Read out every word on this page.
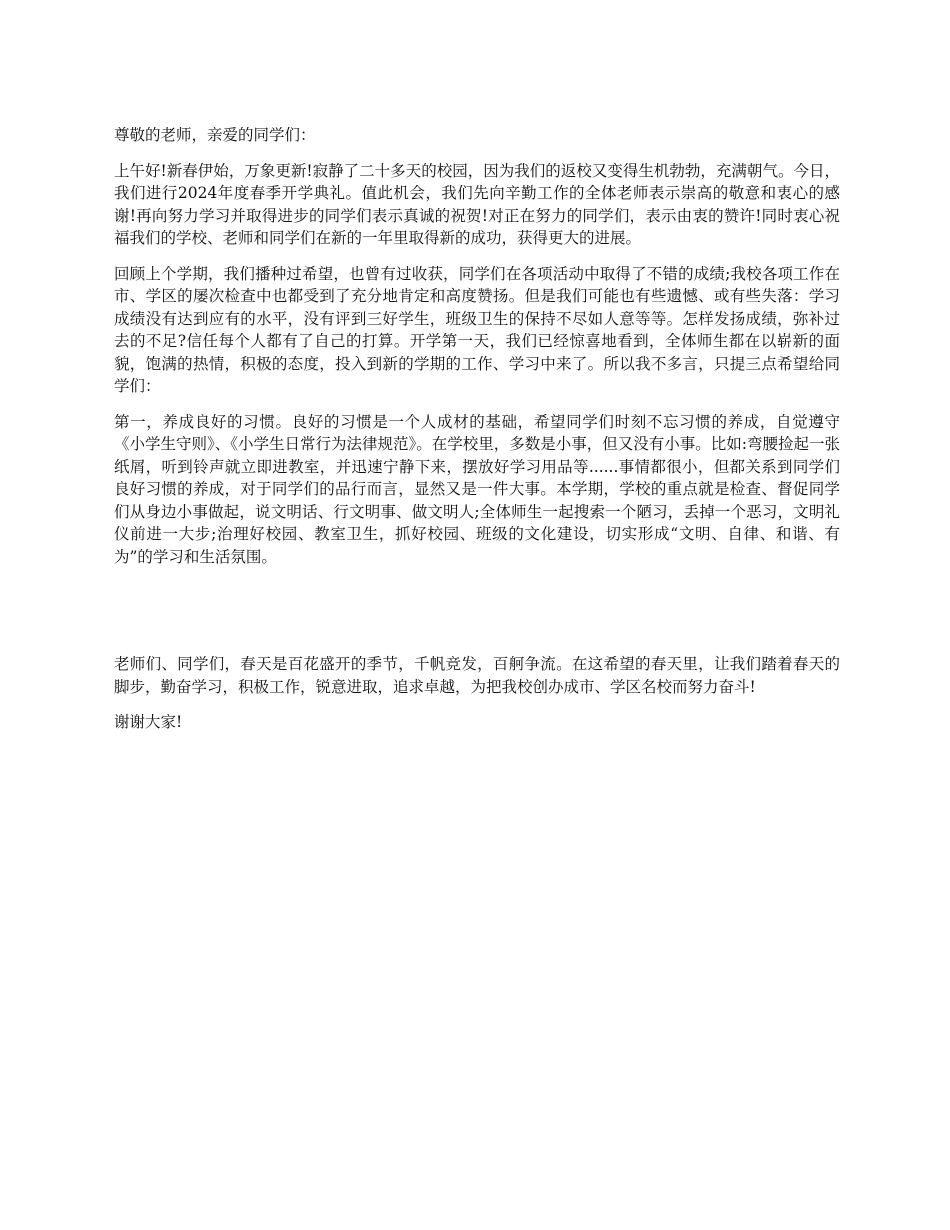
尊敬的老师，亲爱的同学们：

上午好!新春伊始，万象更新!寂静了二十多天的校园，因为我们的返校又变得生机勃勃，充满朝气。今日，我们进行2024年度春季开学典礼。值此机会，我们先向辛勤工作的全体老师表示崇高的敬意和衷心的感谢!再向努力学习并取得进步的同学们表示真诚的祝贺!对正在努力的同学们，表示由衷的赞许!同时衷心祝福我们的学校、老师和同学们在新的一年里取得新的成功，获得更大的进展。

回顾上个学期，我们播种过希望，也曾有过收获，同学们在各项活动中取得了不错的成绩;我校各项工作在市、学区的屡次检查中也都受到了充分地肯定和高度赞扬。但是我们可能也有些遗憾、或有些失落：学习成绩没有达到应有的水平，没有评到三好学生，班级卫生的保持不尽如人意等等。怎样发扬成绩，弥补过去的不足?信任每个人都有了自己的打算。开学第一天，我们已经惊喜地看到，全体师生都在以崭新的面貌，饱满的热情，积极的态度，投入到新的学期的工作、学习中来了。所以我不多言，只提三点希望给同学们：

第一，养成良好的习惯。良好的习惯是一个人成材的基础，希望同学们时刻不忘习惯的养成，自觉遵守《小学生守则》、《小学生日常行为法律规范》。在学校里，多数是小事，但又没有小事。比如:弯腰捡起一张纸屑，听到铃声就立即进教室，并迅速宁静下来，摆放好学习用品等......事情都很小，但都关系到同学们良好习惯的养成，对于同学们的品行而言，显然又是一件大事。本学期，学校的重点就是检查、督促同学们从身边小事做起，说文明话、行文明事、做文明人;全体师生一起搜索一个陋习，丢掉一个恶习，文明礼仪前进一大步;治理好校园、教室卫生，抓好校园、班级的文化建设，切实形成“文明、自律、和谐、有为”的学习和生活氛围。

老师们、同学们，春天是百花盛开的季节，千帆竞发，百舸争流。在这希望的春天里，让我们踏着春天的脚步，勤奋学习，积极工作，锐意进取，追求卓越，为把我校创办成市、学区名校而努力奋斗!

谢谢大家!
